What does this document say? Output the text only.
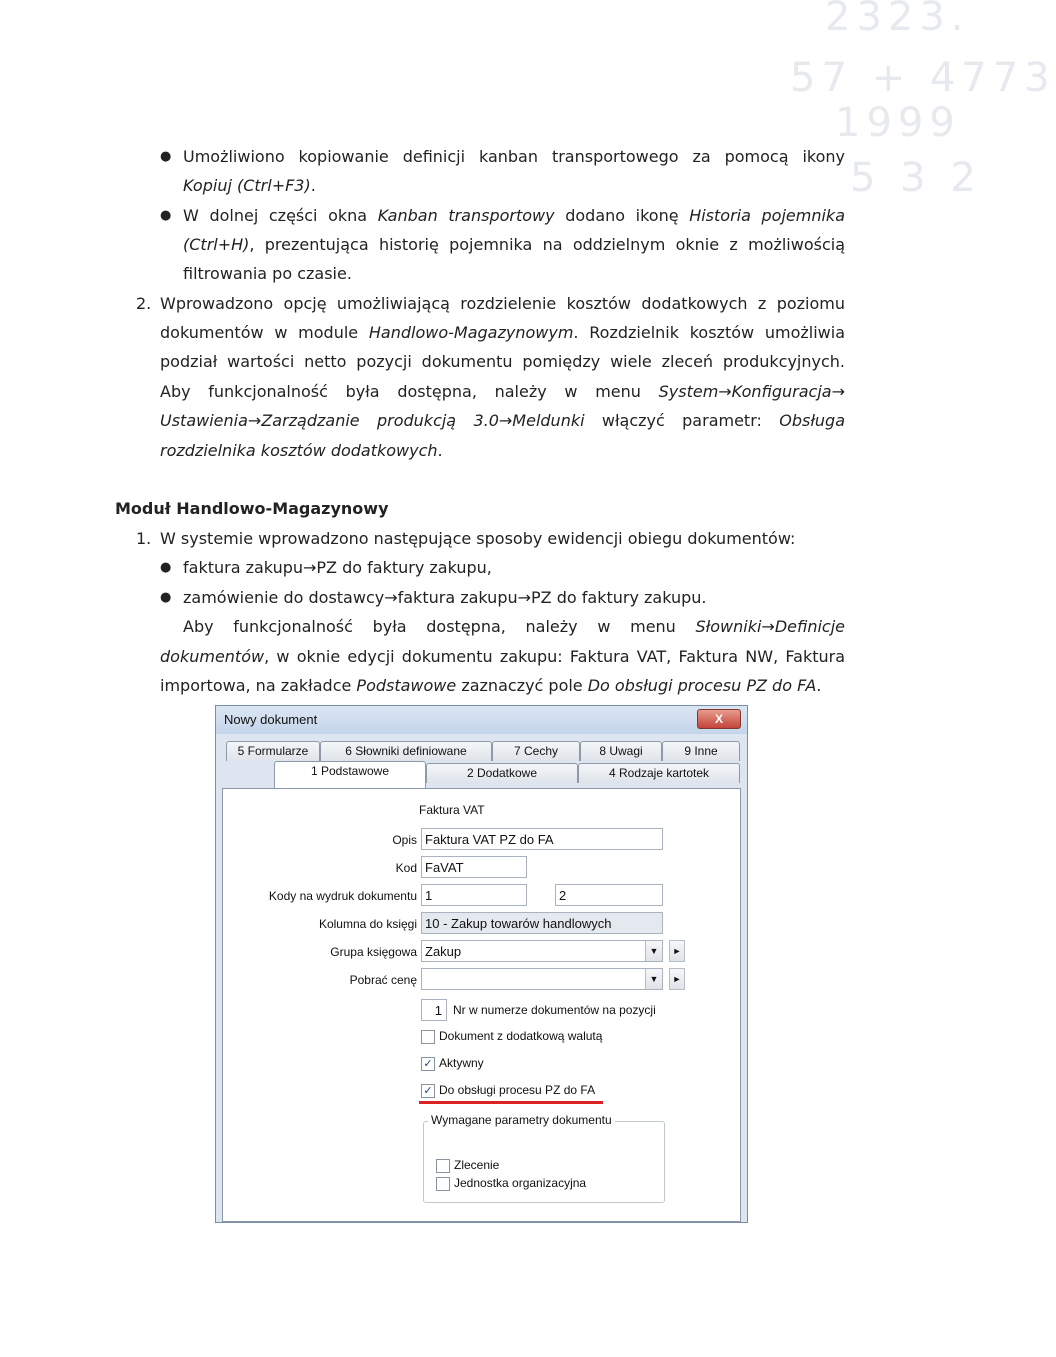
2323.
57 + 4773
1999
5 3 2
● Umożliwiono kopiowanie definicji kanban transportowego za pomocą ikony
Kopiuj (Ctrl+F3).
● W dolnej części okna Kanban transportowy dodano ikonę Historia pojemnika
(Ctrl+H), prezentująca historię pojemnika na oddzielnym oknie z możliwością
filtrowania po czasie.
2. Wprowadzono opcję umożliwiającą rozdzielenie kosztów dodatkowych z poziomu
dokumentów w module Handlowo-Magazynowym. Rozdzielnik kosztów umożliwia
podział wartości netto pozycji dokumentu pomiędzy wiele zleceń produkcyjnych.
Aby funkcjonalność była dostępna, należy w menu System→Konfiguracja→
Ustawienia→Zarządzanie produkcją 3.0→Meldunki włączyć parametr: Obsługa
rozdzielnika kosztów dodatkowych.
Moduł Handlowo-Magazynowy
1. W systemie wprowadzono następujące sposoby ewidencji obiegu dokumentów:
● faktura zakupu→PZ do faktury zakupu,
● zamówienie do dostawcy→faktura zakupu→PZ do faktury zakupu.
Aby funkcjonalność była dostępna, należy w menu Słowniki→Definicje
dokumentów, w oknie edycji dokumentu zakupu: Faktura VAT, Faktura NW, Faktura
importowa, na zakładce Podstawowe zaznaczyć pole Do obsługi procesu PZ do FA.
Nowy dokument	X
5 Formularze	6 Słowniki definiowane	7 Cechy	8 Uwagi	9 Inne
1 Podstawowe	2 Dodatkowe	4 Rodzaje kartotek
Faktura VAT
Opis Faktura VAT PZ do FA
Kod FaVAT
Kody na wydruk dokumentu 1	2
Kolumna do księgi 10 - Zakup towarów handlowych
Grupa księgowa Zakup	▼	►
Pobrać cenę	▼	►
1 Nr w numerze dokumentów na pozycji
Dokument z dodatkową walutą
✓ Aktywny
✓ Do obsługi procesu PZ do FA
Wymagane parametry dokumentu
Zlecenie
Jednostka organizacyjna
